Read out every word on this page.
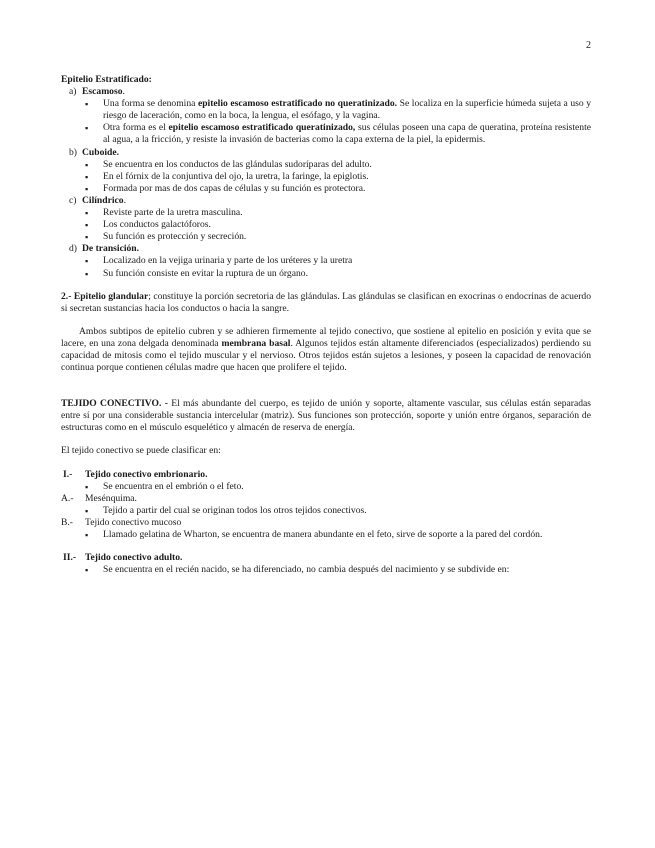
2
Epitelio Estratificado:
a) Escamoso.
▪ Una forma se denomina epitelio escamoso estratificado no queratinizado. Se localiza en la superficie húmeda sujeta a uso y riesgo de laceración, como en la boca, la lengua, el esófago, y la vagina.
▪ Otra forma es el epitelio escamoso estratificado queratinizado, sus células poseen una capa de queratina, proteína resistente al agua, a la fricción, y resiste la invasión de bacterias como la capa externa de la piel, la epidermis.
b) Cuboide.
▪ Se encuentra en los conductos de las glándulas sudoríparas del adulto.
▪ En el fórnix de la conjuntiva del ojo, la uretra, la faringe, la epiglotis.
▪ Formada por mas de dos capas de células y su función es protectora.
c) Cilíndrico.
▪ Reviste parte de la uretra masculina.
▪ Los conductos galactóforos.
▪ Su función es protección y secreción.
d) De transición.
▪ Localizado en la vejiga urinaria y parte de los uréteres y la uretra
▪ Su función consiste en evitar la ruptura de un órgano.
2.- Epitelio glandular; constituye la porción secretoria de las glándulas. Las glándulas se clasifican en exocrinas o endocrinas de acuerdo si secretan sustancias hacia los conductos o hacia la sangre.
Ambos subtipos de epitelio cubren y se adhieren firmemente al tejido conectivo, que sostiene al epitelio en posición y evita que se lacere, en una zona delgada denominada membrana basal. Algunos tejidos están altamente diferenciados (especializados) perdiendo su capacidad de mitosis como el tejido muscular y el nervioso. Otros tejidos están sujetos a lesiones, y poseen la capacidad de renovación continua porque contienen células madre que hacen que prolifere el tejido.
TEJIDO CONECTIVO. - El más abundante del cuerpo, es tejido de unión y soporte, altamente vascular, sus células están separadas entre sí por una considerable sustancia intercelular (matriz). Sus funciones son protección, soporte y unión entre órganos, separación de estructuras como en el músculo esquelético y almacén de reserva de energía.
El tejido conectivo se puede clasificar en:
I.- Tejido conectivo embrionario.
▪ Se encuentra en el embrión o el feto.
A.- Mesénquima.
▪ Tejido a partir del cual se originan todos los otros tejidos conectivos.
B.- Tejido conectivo mucoso
▪ Llamado gelatina de Wharton, se encuentra de manera abundante en el feto, sirve de soporte a la pared del cordón.
II.- Tejido conectivo adulto.
▪ Se encuentra en el recién nacido, se ha diferenciado, no cambia después del nacimiento y se subdivide en:
